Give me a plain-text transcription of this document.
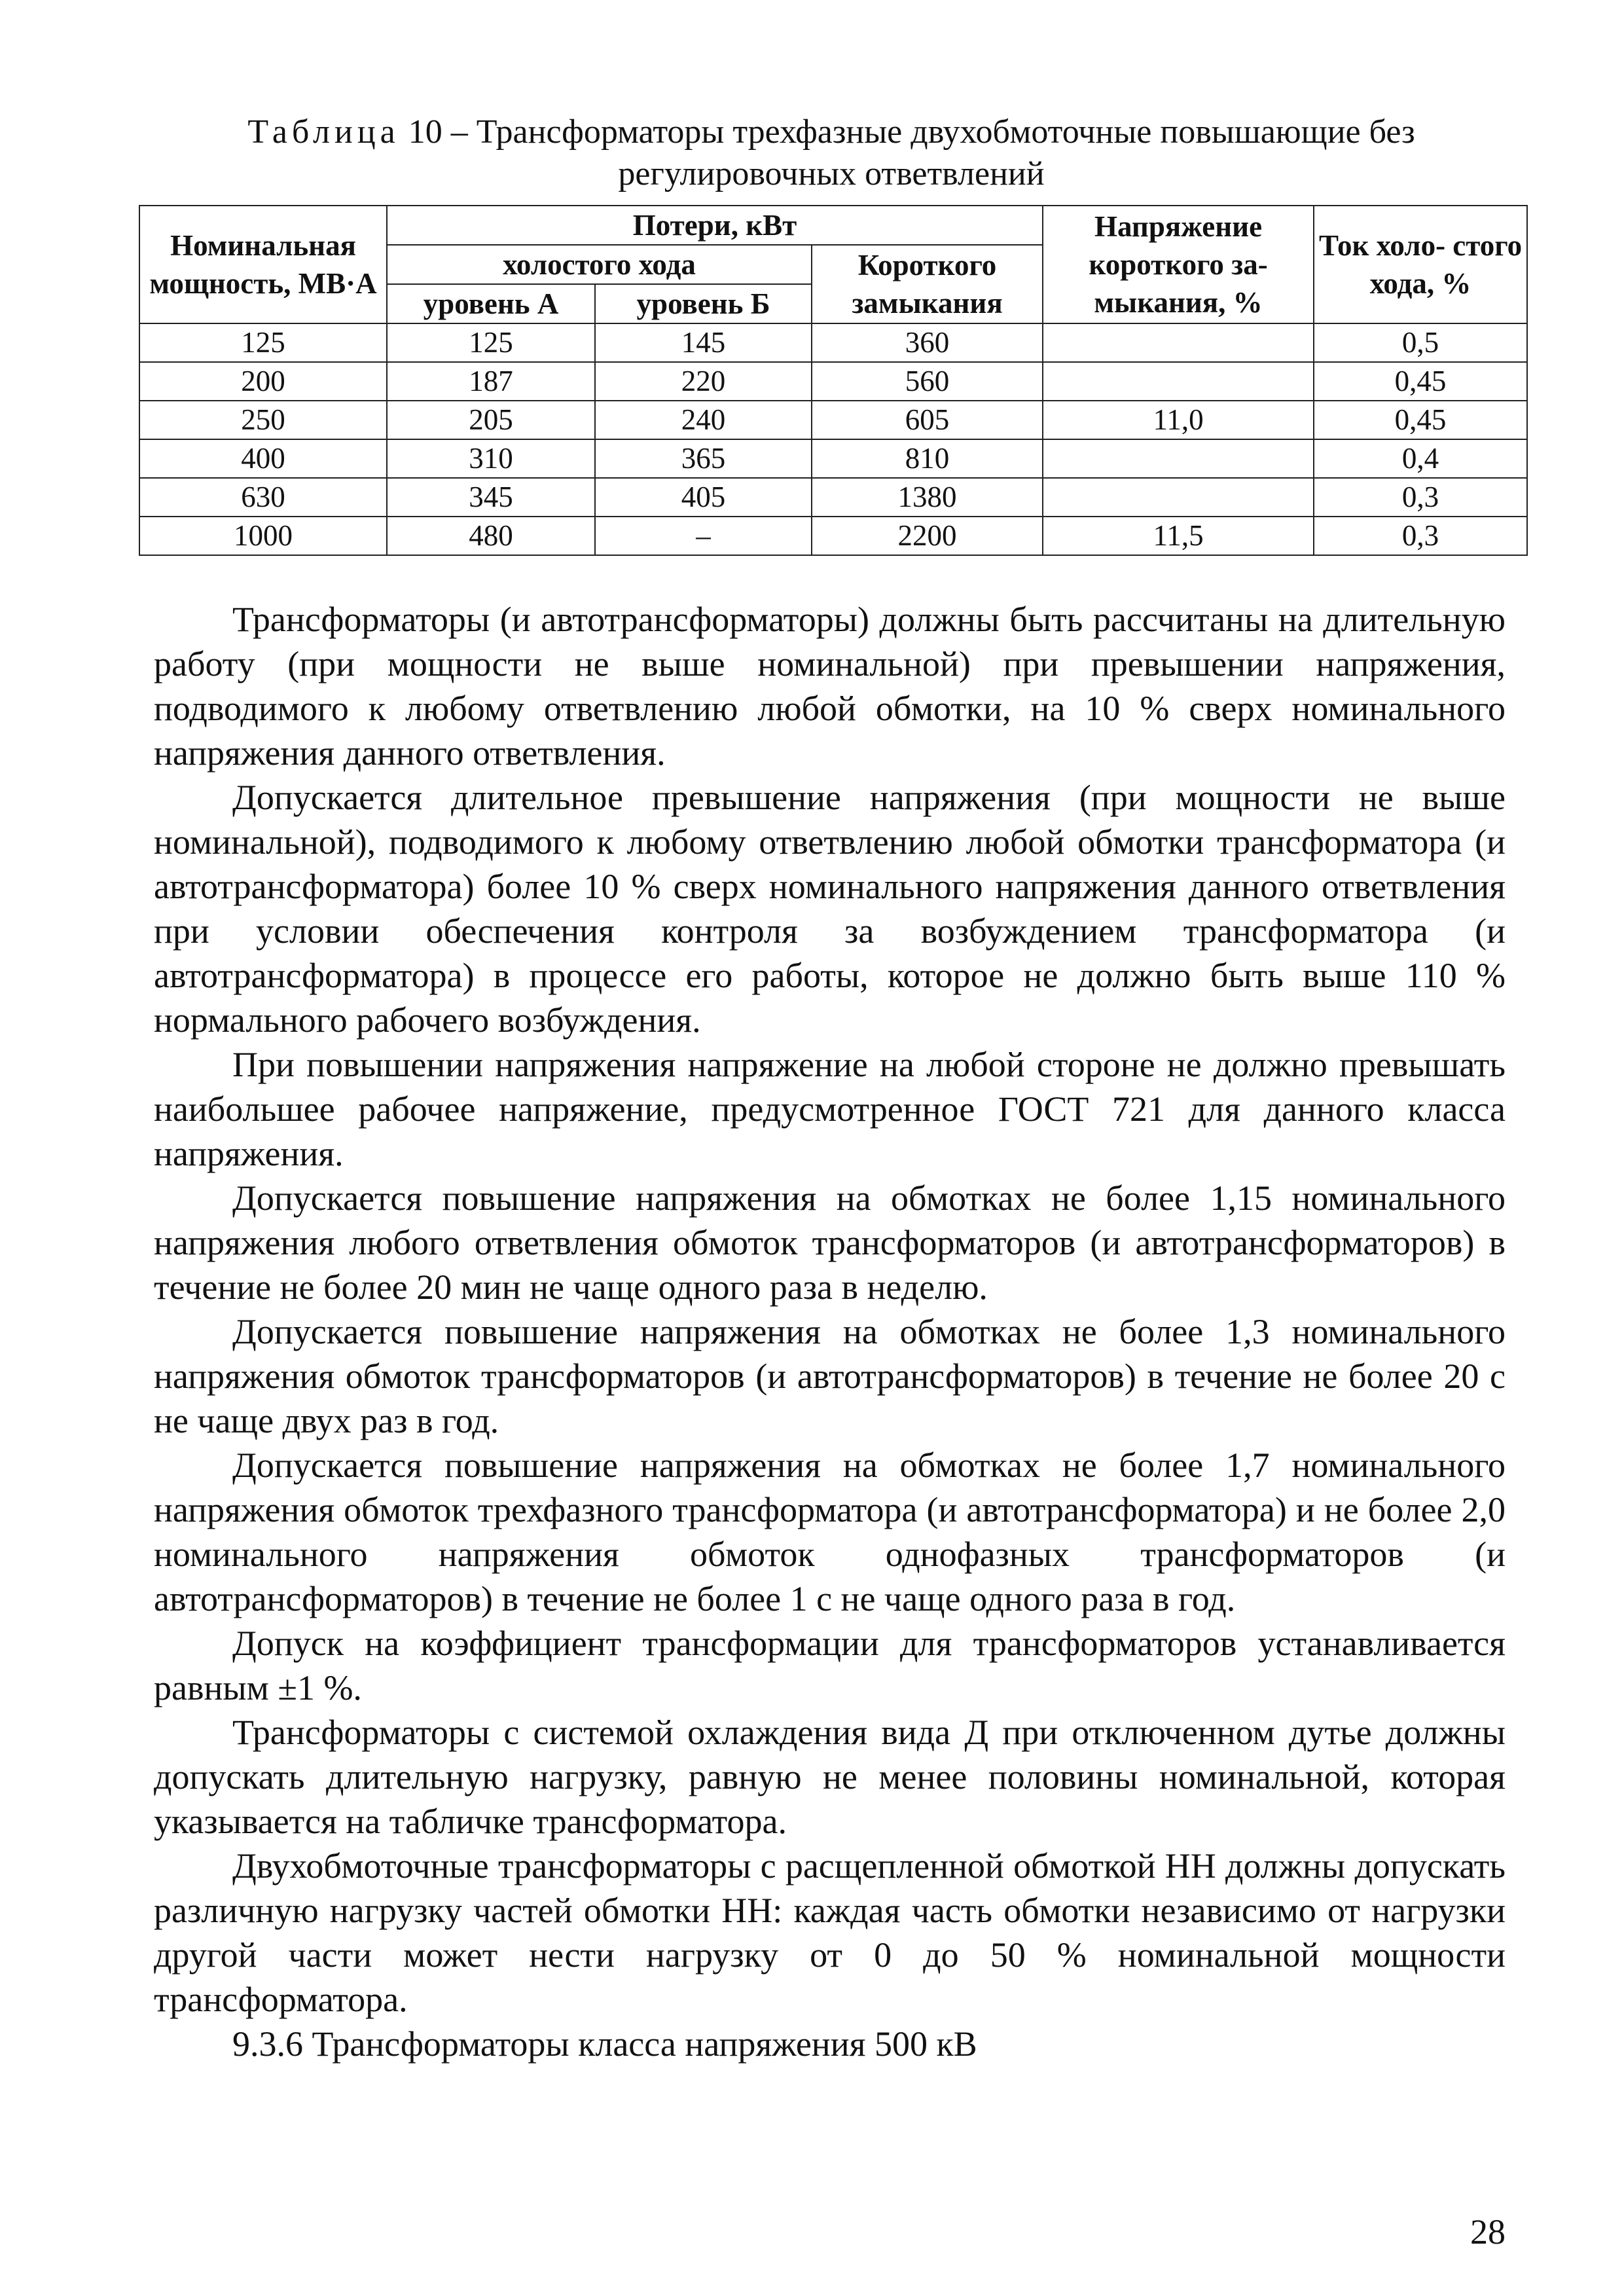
Таблица 10 – Трансформаторы трехфазные двухобмоточные повышающие без регулировочных ответвлений
Номинальная мощность, МВ·А	Потери, кВт			Напряжение короткого за- мыкания, %	Ток холо- стого хода, %
	холостого хода		Короткого замыкания		
	уровень А	уровень Б			
125	125	145	360		0,5
200	187	220	560		0,45
250	205	240	605	11,0	0,45
400	310	365	810		0,4
630	345	405	1380		0,3
1000	480	–	2200	11,5	0,3

Трансформаторы (и автотрансформаторы) должны быть рассчитаны на длительную работу (при мощности не выше номинальной) при превышении напряжения, подводимого к любому ответвлению любой обмотки, на 10 % сверх номинального напряжения данного ответвления.

Допускается длительное превышение напряжения (при мощности не выше номинальной), подводимого к любому ответвлению любой обмотки трансформатора (и автотрансформатора) более 10 % сверх номинального напряжения данного ответвления при условии обеспечения контроля за возбуждением трансформатора (и автотрансформатора) в процессе его работы, которое не должно быть выше 110 % нормального рабочего возбуждения.

При повышении напряжения напряжение на любой стороне не должно превышать наибольшее рабочее напряжение, предусмотренное ГОСТ 721 для данного класса напряжения.

Допускается повышение напряжения на обмотках не более 1,15 номинального напряжения любого ответвления обмоток трансформаторов (и автотрансформаторов) в течение не более 20 мин не чаще одного раза в неделю.

Допускается повышение напряжения на обмотках не более 1,3 номинального напряжения обмоток трансформаторов (и автотрансформаторов) в течение не более 20 с не чаще двух раз в год.

Допускается повышение напряжения на обмотках не более 1,7 номинального напряжения обмоток трехфазного трансформатора (и автотрансформатора) и не более 2,0 номинального напряжения обмоток однофазных трансформаторов (и автотрансформаторов) в течение не более 1 с не чаще одного раза в год.

Допуск на коэффициент трансформации для трансформаторов устанавливается равным ±1 %.

Трансформаторы с системой охлаждения вида Д при отключенном дутье должны допускать длительную нагрузку, равную не менее половины номинальной, которая указывается на табличке трансформатора.

Двухобмоточные трансформаторы с расщепленной обмоткой НН должны допускать различную нагрузку частей обмотки НН: каждая часть обмотки независимо от нагрузки другой части может нести нагрузку от 0 до 50 % номинальной мощности трансформатора.

9.3.6 Трансформаторы класса напряжения 500 кВ

28
